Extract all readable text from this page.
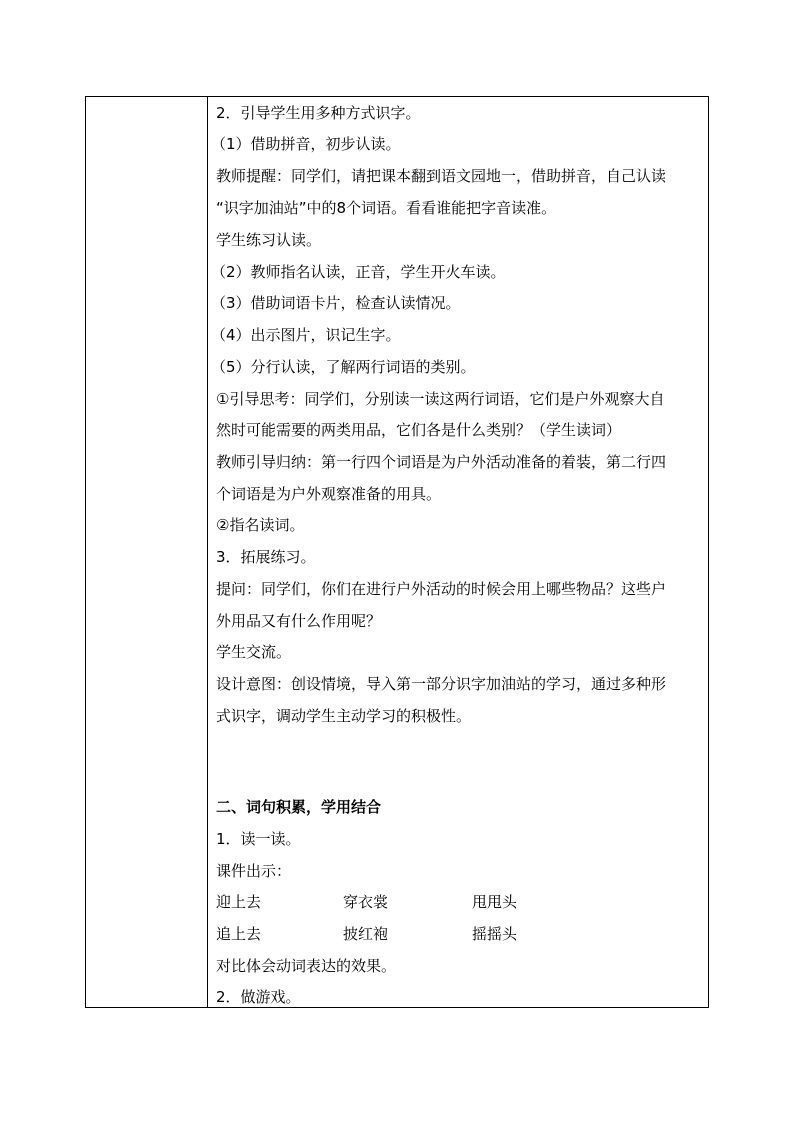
2．引导学生用多种方式识字。
（1）借助拼音，初步认读。
教师提醒：同学们，请把课本翻到语文园地一，借助拼音，自己认读
“识字加油站”中的8个词语。看看谁能把字音读准。
学生练习认读。
（2）教师指名认读，正音，学生开火车读。
（3）借助词语卡片，检查认读情况。
（4）出示图片，识记生字。
（5）分行认读，了解两行词语的类别。
①引导思考：同学们，分别读一读这两行词语，它们是户外观察大自
然时可能需要的两类用品，它们各是什么类别？（学生读词）
教师引导归纳：第一行四个词语是为户外活动准备的着装，第二行四
个词语是为户外观察准备的用具。
②指名读词。
3．拓展练习。
提问：同学们，你们在进行户外活动的时候会用上哪些物品？这些户
外用品又有什么作用呢？
学生交流。
设计意图：创设情境，导入第一部分识字加油站的学习，通过多种形
式识字，调动学生主动学习的积极性。
二、词句积累，学用结合
1．读一读。
课件出示：
迎上去	穿衣裳	甩甩头
追上去	披红袍	摇摇头
对比体会动词表达的效果。
2．做游戏。
